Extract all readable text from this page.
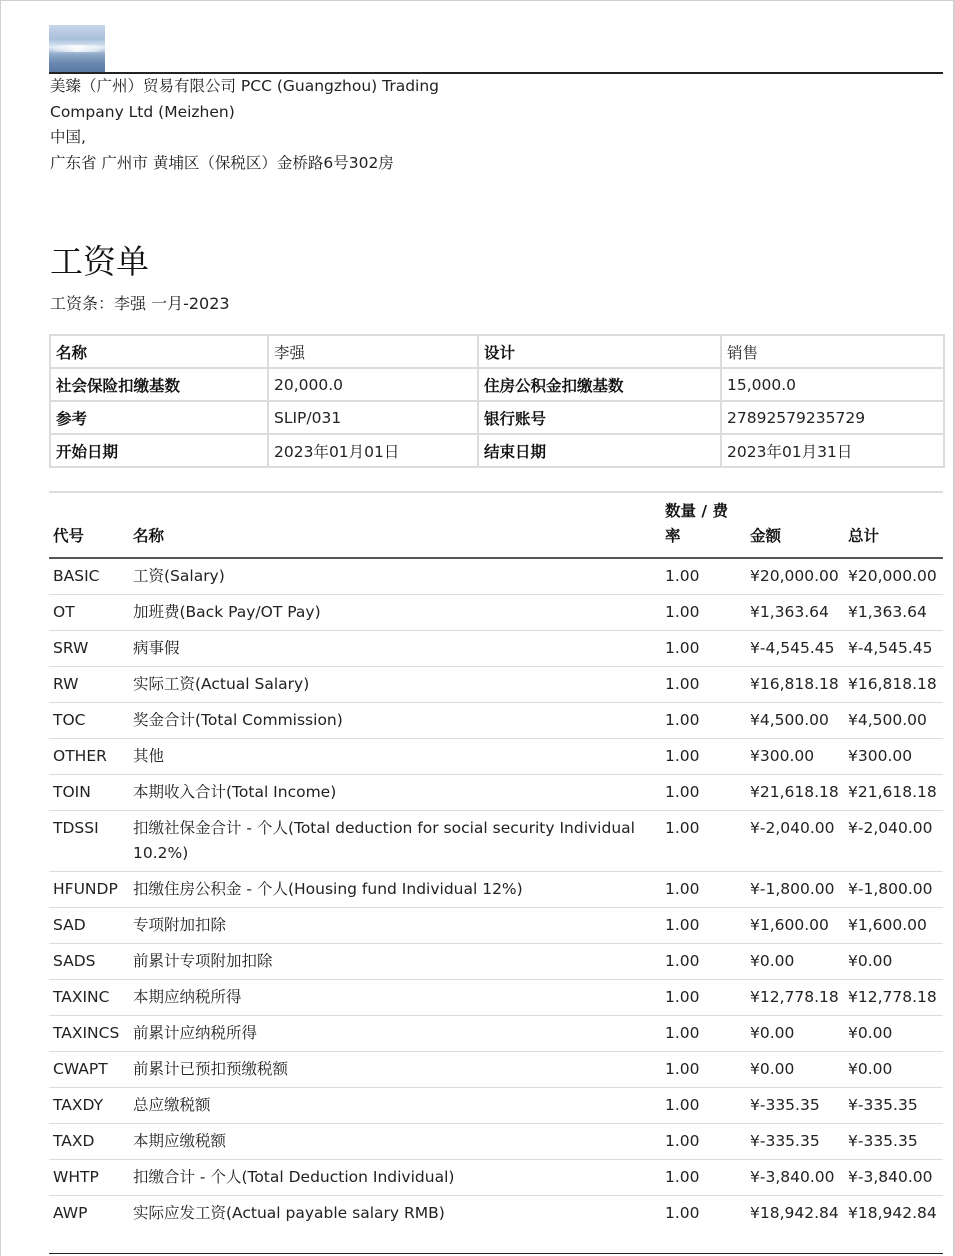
美臻（广州）贸易有限公司 PCC (Guangzhou) Trading
Company Ltd (Meizhen)
中国,
广东省 广州市 黄埔区（保税区）金桥路6号302房
工资单
工资条：李强 一月-2023
名称	李强	设计	销售
社会保险扣缴基数	20,000.0	住房公积金扣缴基数	15,000.0
参考	SLIP/031	银行账号	27892579235729
开始日期	2023年01月01日	结束日期	2023年01月31日
代号	名称	数量 / 费率	金额	总计
BASIC	工资(Salary)	1.00	¥20,000.00	¥20,000.00
OT	加班费(Back Pay/OT Pay)	1.00	¥1,363.64	¥1,363.64
SRW	病事假	1.00	¥-4,545.45	¥-4,545.45
RW	实际工资(Actual Salary)	1.00	¥16,818.18	¥16,818.18
TOC	奖金合计(Total Commission)	1.00	¥4,500.00	¥4,500.00
OTHER	其他	1.00	¥300.00	¥300.00
TOIN	本期收入合计(Total Income)	1.00	¥21,618.18	¥21,618.18
TDSSI	扣缴社保金合计 - 个人(Total deduction for social security Individual 10.2%)	1.00	¥-2,040.00	¥-2,040.00
HFUNDP	扣缴住房公积金 - 个人(Housing fund Individual 12%)	1.00	¥-1,800.00	¥-1,800.00
SAD	专项附加扣除	1.00	¥1,600.00	¥1,600.00
SADS	前累计专项附加扣除	1.00	¥0.00	¥0.00
TAXINC	本期应纳税所得	1.00	¥12,778.18	¥12,778.18
TAXINCS	前累计应纳税所得	1.00	¥0.00	¥0.00
CWAPT	前累计已预扣预缴税额	1.00	¥0.00	¥0.00
TAXDY	总应缴税额	1.00	¥-335.35	¥-335.35
TAXD	本期应缴税额	1.00	¥-335.35	¥-335.35
WHTP	扣缴合计 - 个人(Total Deduction Individual)	1.00	¥-3,840.00	¥-3,840.00
AWP	实际应发工资(Actual payable salary RMB)	1.00	¥18,942.84	¥18,942.84
